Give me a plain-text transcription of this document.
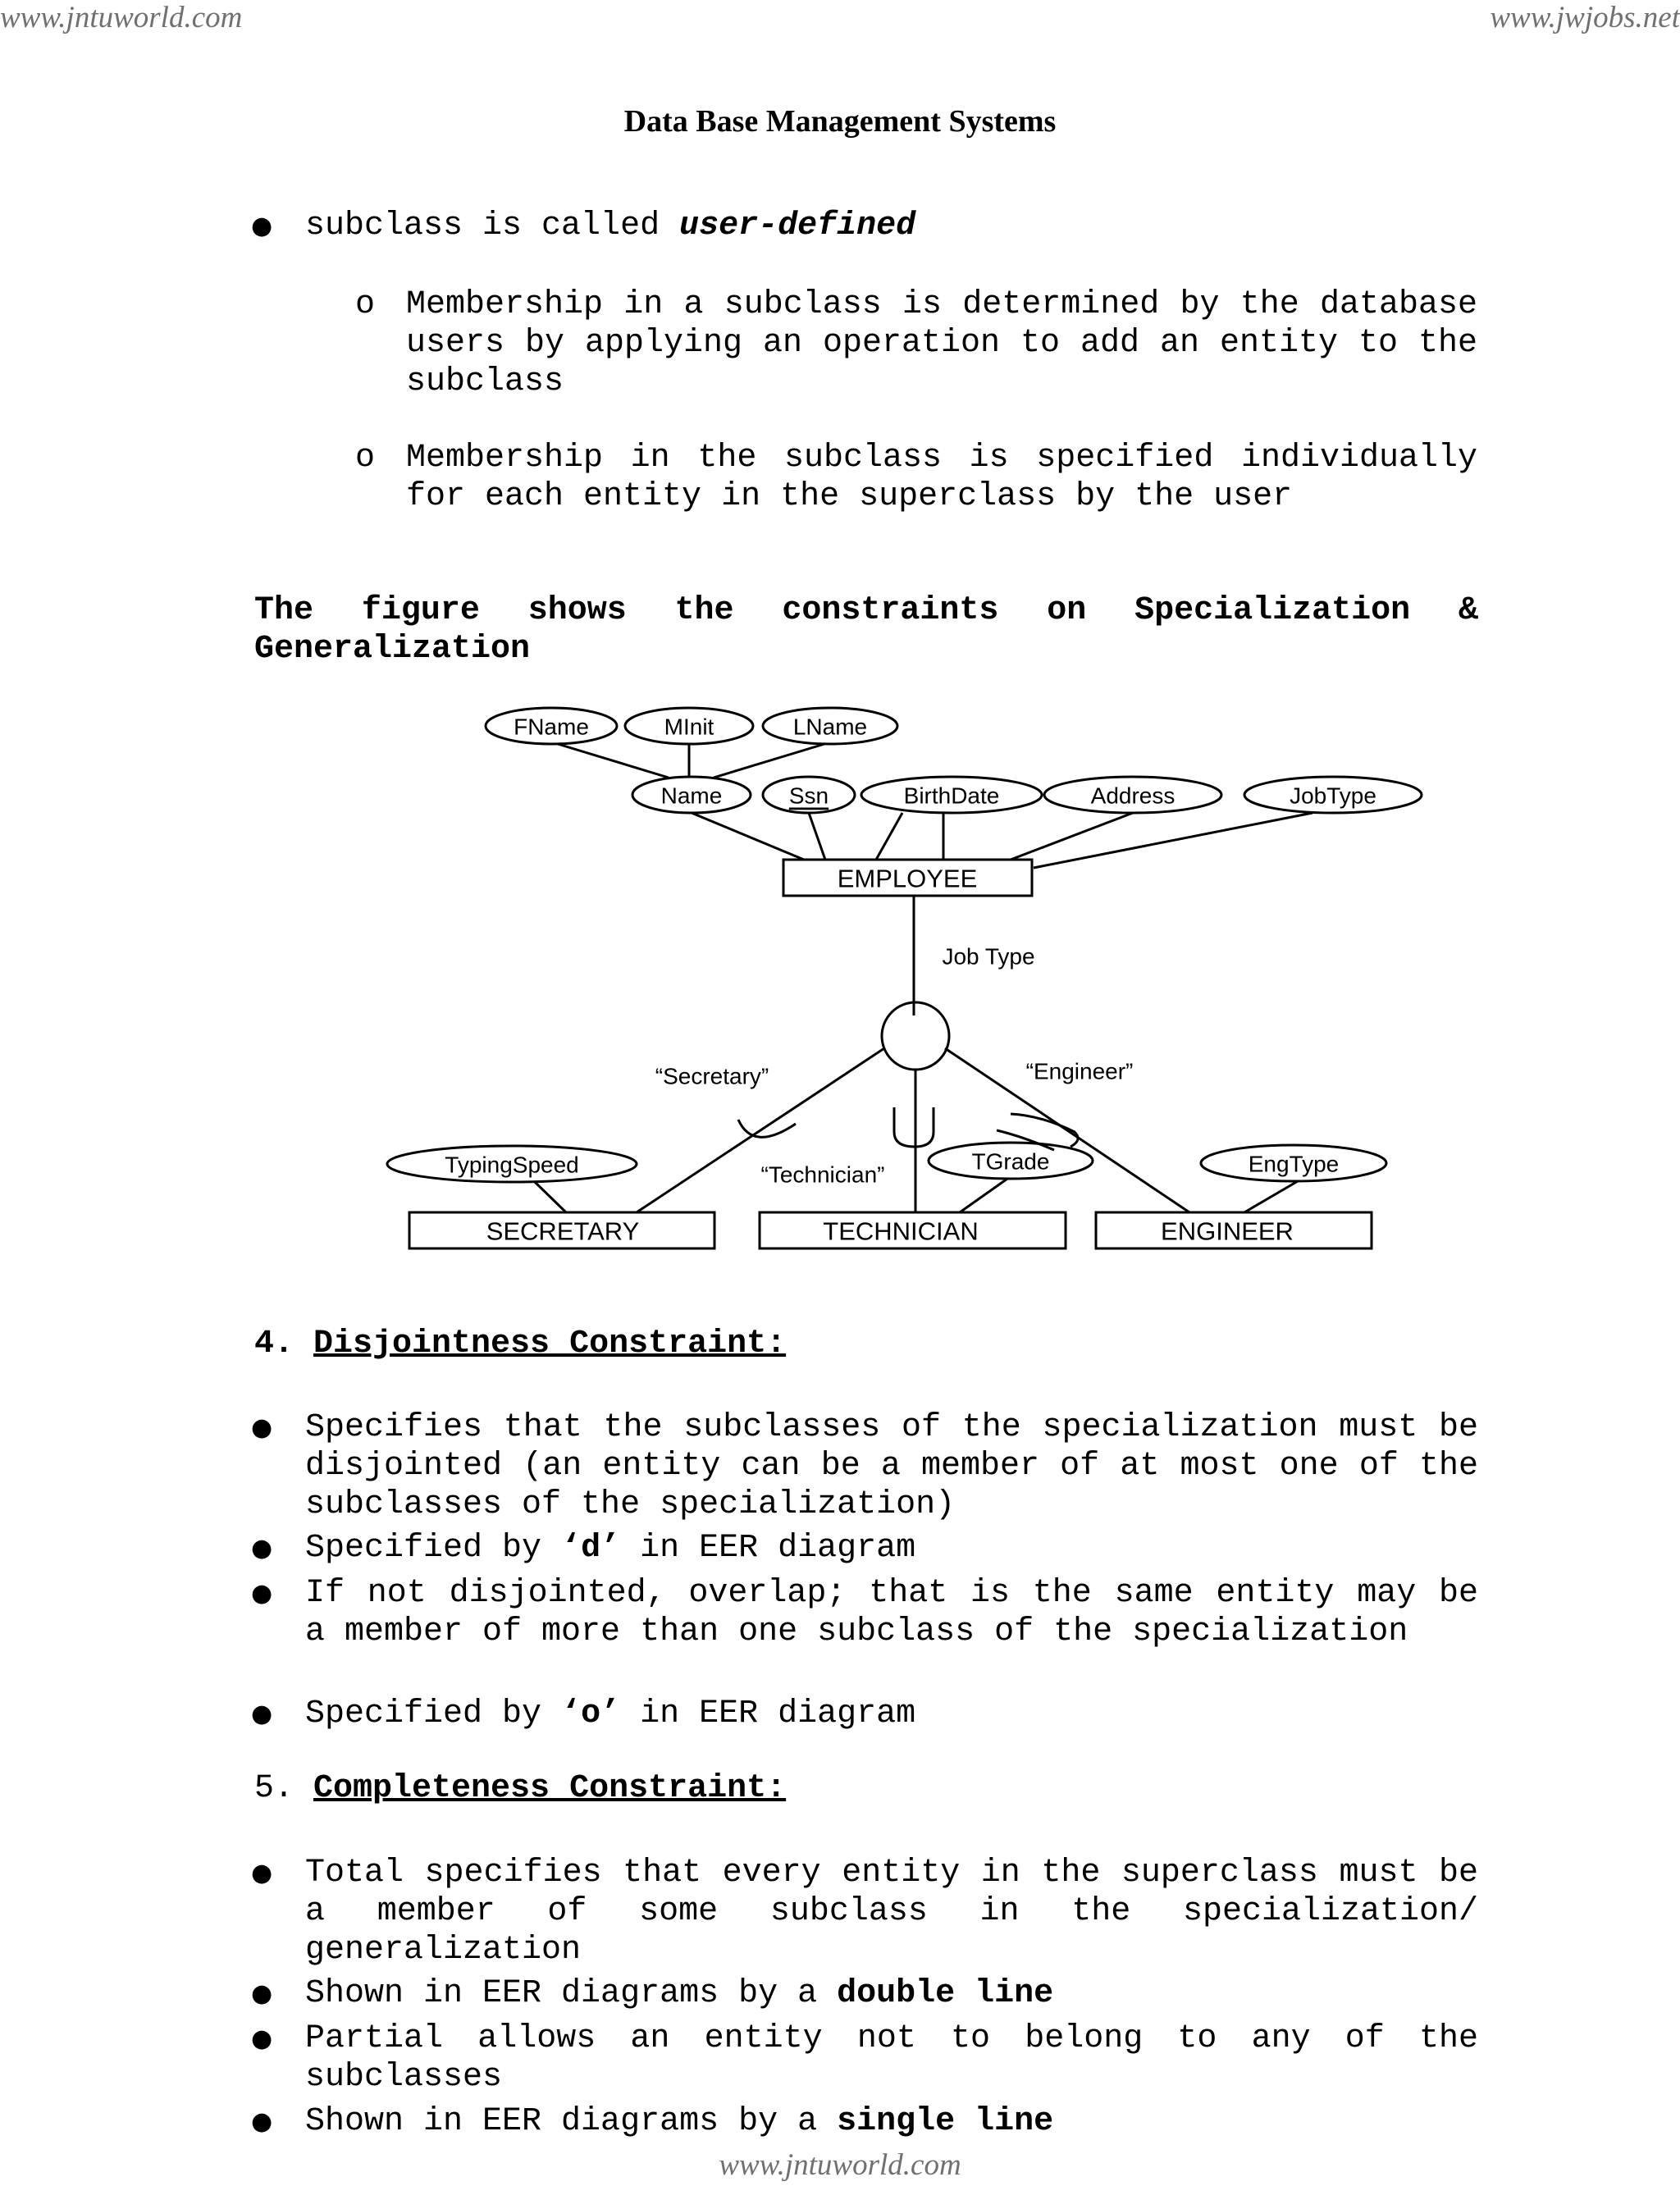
www.jntuworld.com	www.jwjobs.net
Data Base Management Systems
● subclass is called user-defined
o Membership in a subclass is determined by the database users by applying an operation to add an entity to the subclass
o Membership in the subclass is specified individually for each entity in the superclass by the user
The figure shows the constraints on Specialization & Generalization
FName	MInit	LName
Name	Ssn	BirthDate	Address	JobType
EMPLOYEE
Job Type
“Secretary”
“Technician”
“Engineer”
TypingSpeed	TGrade	EngType
SECRETARY	TECHNICIAN	ENGINEER
4. Disjointness Constraint:
● Specifies that the subclasses of the specialization must be disjointed (an entity can be a member of at most one of the subclasses of the specialization)
● Specified by ‘d’ in EER diagram
● If not disjointed, overlap; that is the same entity may be a member of more than one subclass of the specialization
● Specified by ‘o’ in EER diagram
5. Completeness Constraint:
● Total specifies that every entity in the superclass must be a member of some subclass in the specialization/ generalization
● Shown in EER diagrams by a double line
● Partial allows an entity not to belong to any of the subclasses
● Shown in EER diagrams by a single line
www.jntuworld.com
